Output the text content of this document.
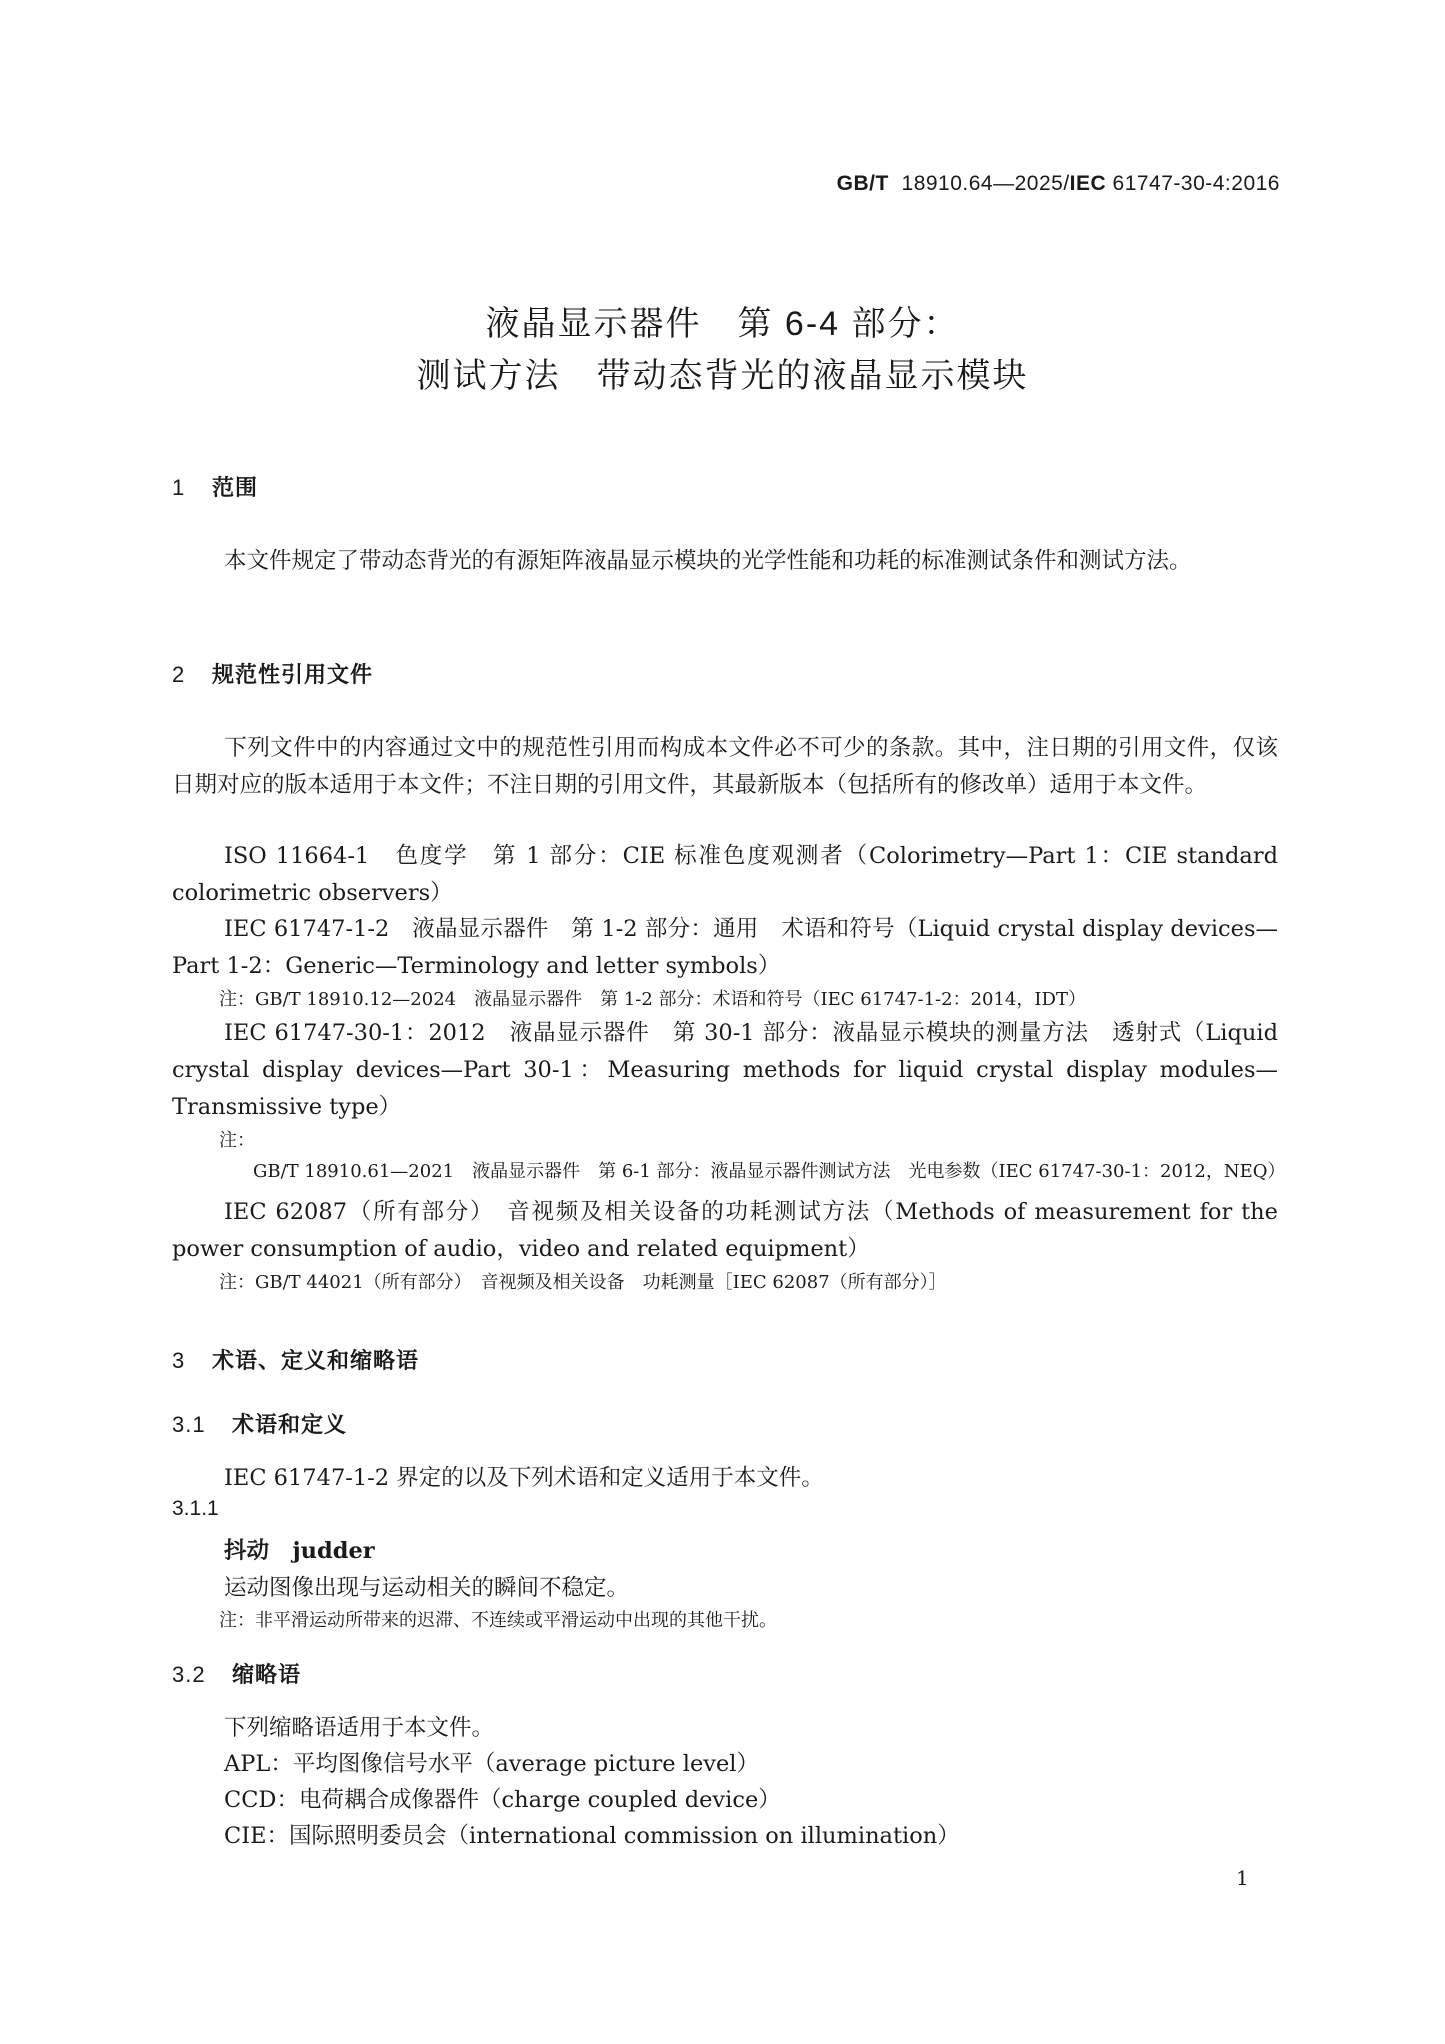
GB/T 18910.64—2025/IEC 61747-30-4:2016
液晶显示器件　第 6-4 部分：
测试方法　带动态背光的液晶显示模块
1 范围
本文件规定了带动态背光的有源矩阵液晶显示模块的光学性能和功耗的标准测试条件和测试方法。
2 规范性引用文件
下列文件中的内容通过文中的规范性引用而构成本文件必不可少的条款。其中，注日期的引用文件，仅该日期对应的版本适用于本文件；不注日期的引用文件，其最新版本（包括所有的修改单）适用于本文件。
ISO 11664-1　色度学　第 1 部分：CIE 标准色度观测者（Colorimetry—Part 1：CIE standard colorimetric observers）
IEC 61747-1-2　液晶显示器件　第 1-2 部分：通用　术语和符号（Liquid crystal display devices—Part 1-2：Generic—Terminology and letter symbols）
注：GB/T 18910.12—2024　液晶显示器件　第 1-2 部分：术语和符号（IEC 61747-1-2：2014，IDT）
IEC 61747-30-1：2012　液晶显示器件　第 30-1 部分：液晶显示模块的测量方法　透射式（Liquid crystal display devices—Part 30-1：Measuring methods for liquid crystal display modules—Transmissive type）
注：GB/T 18910.61—2021　液晶显示器件　第 6-1 部分：液晶显示器件测试方法　光电参数（IEC 61747-30-1：2012，NEQ）
IEC 62087（所有部分）　音视频及相关设备的功耗测试方法（Methods of measurement for the power consumption of audio，video and related equipment）
注：GB/T 44021（所有部分）　音视频及相关设备　功耗测量［IEC 62087（所有部分）］
3 术语、定义和缩略语
3.1 术语和定义
IEC 61747-1-2 界定的以及下列术语和定义适用于本文件。
3.1.1
抖动 judder
运动图像出现与运动相关的瞬间不稳定。
注：非平滑运动所带来的迟滞、不连续或平滑运动中出现的其他干扰。
3.2 缩略语
下列缩略语适用于本文件。
APL：平均图像信号水平（average picture level）
CCD：电荷耦合成像器件（charge coupled device）
CIE：国际照明委员会（international commission on illumination）
1
